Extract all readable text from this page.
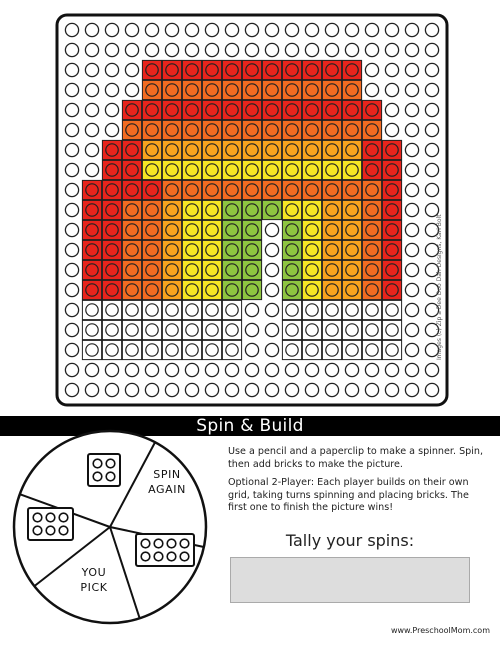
Images (c) Zip a Dee Doo Dah Designs, Kari Bolt
Spin & Build
SPIN AGAIN
YOU PICK
Use a pencil and a paperclip to make a spinner. Spin, then add bricks to make the picture.
Optional 2-Player: Each player builds on their own grid, taking turns spinning and placing bricks. The first one to finish the picture wins!
Tally your spins:
www.PreschoolMom.com
